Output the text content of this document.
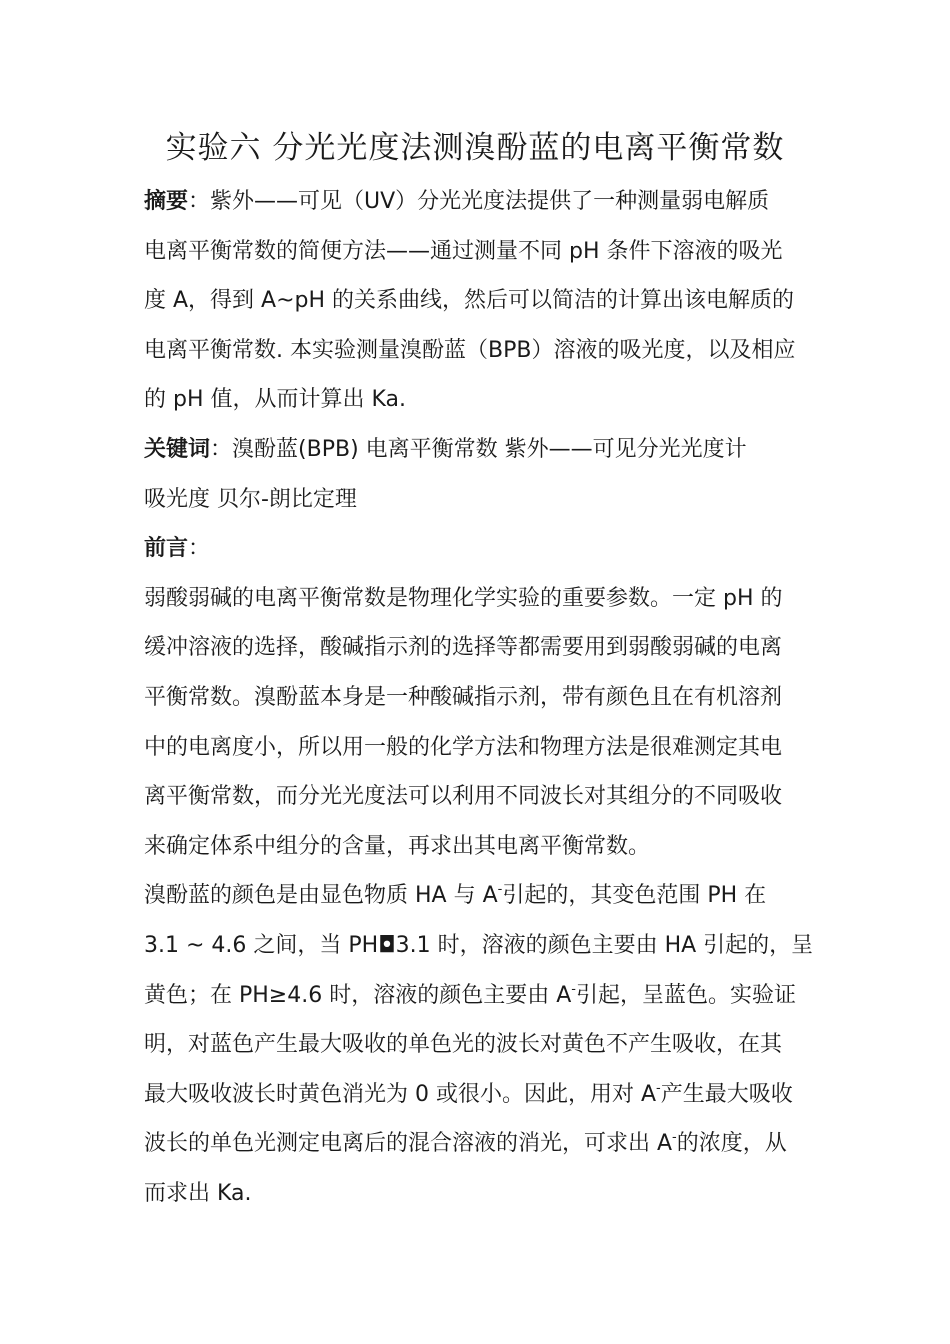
实验六 分光光度法测溴酚蓝的电离平衡常数
摘要：紫外——可见（UV）分光光度法提供了一种测量弱电解质
电离平衡常数的简便方法——通过测量不同 pH 条件下溶液的吸光
度 A，得到 A~pH 的关系曲线，然后可以简洁的计算出该电解质的
电离平衡常数. 本实验测量溴酚蓝（BPB）溶液的吸光度，以及相应
的 pH 值，从而计算出 Ka.
关键词：溴酚蓝(BPB) 电离平衡常数 紫外——可见分光光度计
吸光度 贝尔-朗比定理
前言：
弱酸弱碱的电离平衡常数是物理化学实验的重要参数。一定 pH 的
缓冲溶液的选择，酸碱指示剂的选择等都需要用到弱酸弱碱的电离
平衡常数。溴酚蓝本身是一种酸碱指示剂，带有颜色且在有机溶剂
中的电离度小，所以用一般的化学方法和物理方法是很难测定其电
离平衡常数，而分光光度法可以利用不同波长对其组分的不同吸收
来确定体系中组分的含量，再求出其电离平衡常数。
溴酚蓝的颜色是由显色物质 HA 与 A-引起的，其变色范围 PH 在
3.1 ~ 4.6 之间，当 PH◘3.1 时，溶液的颜色主要由 HA 引起的，呈
黄色；在 PH≥4.6 时，溶液的颜色主要由 A-引起，呈蓝色。实验证
明，对蓝色产生最大吸收的单色光的波长对黄色不产生吸收，在其
最大吸收波长时黄色消光为 0 或很小。因此，用对 A-产生最大吸收
波长的单色光测定电离后的混合溶液的消光，可求出 A-的浓度，从
而求出 Ka.
